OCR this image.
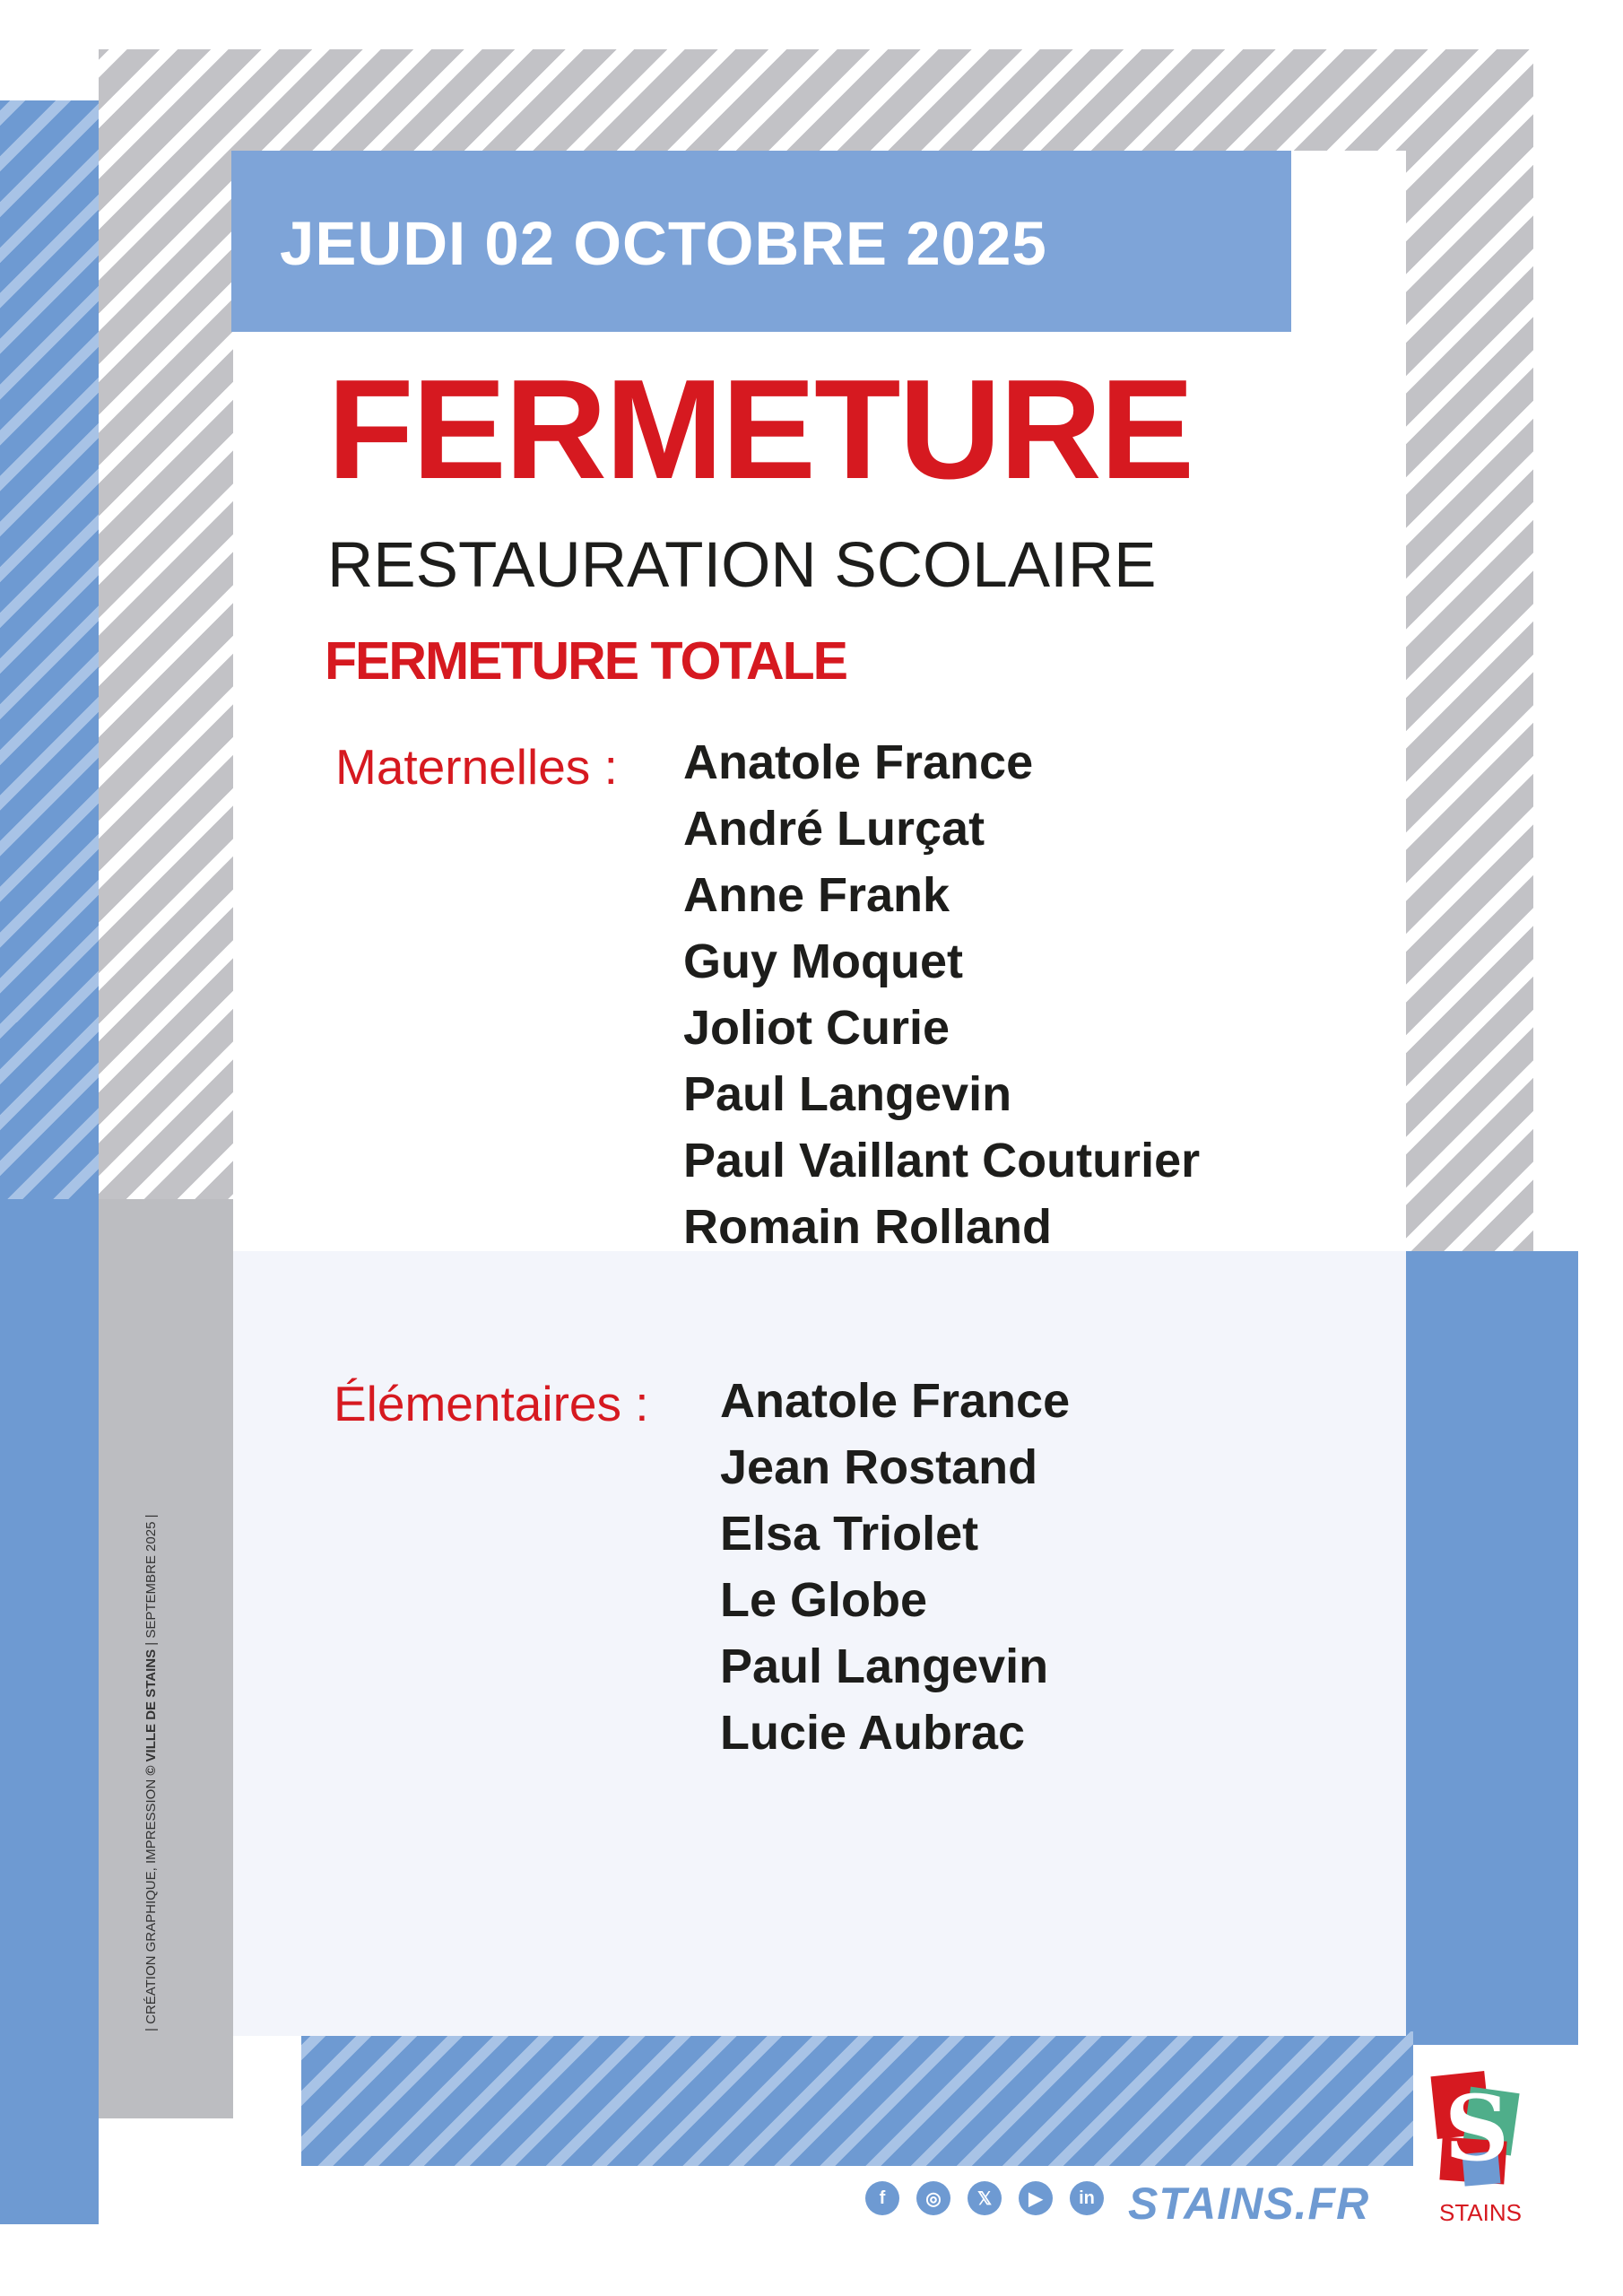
JEUDI 02 OCTOBRE 2025
FERMETURE
RESTAURATION SCOLAIRE
FERMETURE TOTALE
Maternelles : Anatole France
André Lurçat
Anne Frank
Guy Moquet
Joliot Curie
Paul Langevin
Paul Vaillant Couturier
Romain Rolland
Élémentaires : Anatole France
Jean Rostand
Elsa Triolet
Le Globe
Paul Langevin
Lucie Aubrac
| CRÉATION GRAPHIQUE, IMPRESSION © VILLE DE STAINS | SEPTEMBRE 2025 |
f	◎	𝕏	▶	in STAINS.FR
S
STAINS
